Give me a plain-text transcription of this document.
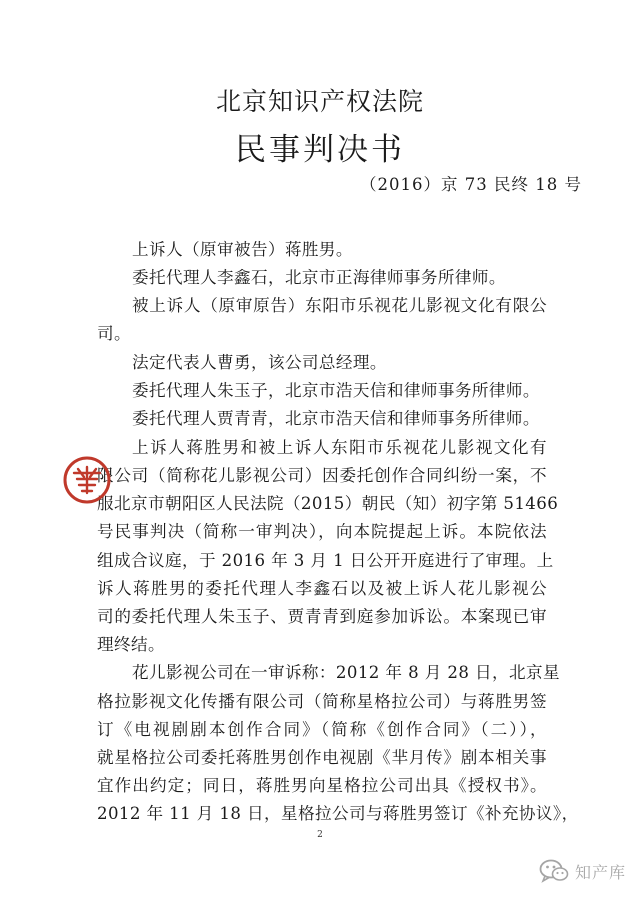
北京知识产权法院
民事判决书
（2016）京 73 民终 18 号
上诉人（原审被告）蒋胜男。
委托代理人李鑫石，北京市正海律师事务所律师。
被上诉人（原审原告）东阳市乐视花儿影视文化有限公
司。
法定代表人曹勇，该公司总经理。
委托代理人朱玉子，北京市浩天信和律师事务所律师。
委托代理人贾青青，北京市浩天信和律师事务所律师。
上诉人蒋胜男和被上诉人东阳市乐视花儿影视文化有
限公司（简称花儿影视公司）因委托创作合同纠纷一案，不
服北京市朝阳区人民法院（2015）朝民（知）初字第 51466
号民事判决（简称一审判决），向本院提起上诉。本院依法
组成合议庭，于 2016 年 3 月 1 日公开开庭进行了审理。上
诉人蒋胜男的委托代理人李鑫石以及被上诉人花儿影视公
司的委托代理人朱玉子、贾青青到庭参加诉讼。本案现已审
理终结。
花儿影视公司在一审诉称：2012 年 8 月 28 日，北京星
格拉影视文化传播有限公司（简称星格拉公司）与蒋胜男签
订《电视剧剧本创作合同》（简称《创作合同》（二）），
就星格拉公司委托蒋胜男创作电视剧《芈月传》剧本相关事
宜作出约定；同日，蒋胜男向星格拉公司出具《授权书》。
2012 年 11 月 18 日，星格拉公司与蒋胜男签订《补充协议》，
2
知产库
